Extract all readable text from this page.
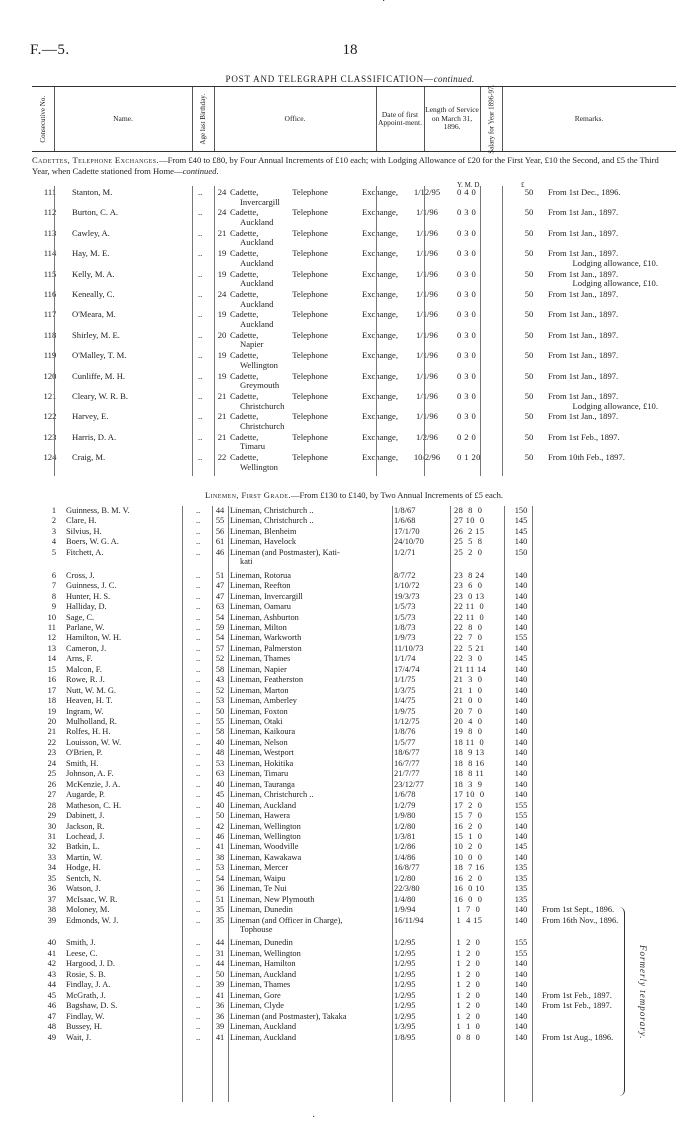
F.—5.	18
POST AND TELEGRAPH CLASSIFICATION—continued.
Consecutive No.	Name.	Age last Birthday.	Office.	Date of first Appoint-ment.
Length of Service on March 31, 1896.	Salary for Year 1896-97.	Remarks.
Cadettes, Telephone Exchanges.—From £40 to £80, by Four Annual Increments of £10 each; with Lodging Allowance of £20 for the First Year, £10 the Second, and £5 the Third Year, when Cadette stationed from Home—continued.
Y. M. D.	£
111	Stanton, M.	.. 24 Cadette, Telephone Exchange,
Invercargill
1/12/95	0 4 0	50	From 1st Dec., 1896.
112	Burton, C. A.	.. 24 Cadette, Telephone Exchange,
Auckland
1/1/96	0 3 0	50	From 1st Jan., 1897.
113	Cawley, A.	.. 21 Cadette, Telephone Exchange,
Auckland
1/1/96	0 3 0	50	From 1st Jan., 1897.
114	Hay, M. E.	.. 19 Cadette, Telephone Exchange,
Auckland
1/1/96	0 3 0	50	From 1st Jan., 1897.
Lodging allowance, £10.
115	Kelly, M. A.	.. 19 Cadette, Telephone Exchange,
Auckland
1/1/96	0 3 0	50	From 1st Jan., 1897.
Lodging allowance, £10.
116	Keneally, C.	.. 24 Cadette, Telephone Exchange,
Auckland
1/1/96	0 3 0	50	From 1st Jan., 1897.
117	O'Meara, M.	.. 19 Cadette, Telephone Exchange,
Auckland
1/1/96	0 3 0	50	From 1st Jan., 1897.
118	Shirley, M. E.	.. 20 Cadette, Telephone Exchange,
Napier
1/1/96	0 3 0	50	From 1st Jan., 1897.
119	O'Malley, T. M.	.. 19 Cadette, Telephone Exchange,
Wellington
1/1/96	0 3 0	50	From 1st Jan., 1897.
120	Cunliffe, M. H.	.. 19 Cadette, Telephone Exchange,
Greymouth
1/1/96	0 3 0	50	From 1st Jan., 1897.
121	Cleary, W. R. B.	.. 21 Cadette, Telephone Exchange,
Christchurch
1/1/96	0 3 0	50	From 1st Jan., 1897.
Lodging allowance, £10.
122	Harvey, E.	.. 21 Cadette, Telephone Exchange,
Christchurch
1/1/96	0 3 0	50	From 1st Jan., 1897.
123	Harris, D. A.	.. 21 Cadette, Telephone Exchange,
Timaru
1/2/96	0 2 0	50	From 1st Feb., 1897.
124	Craig, M.	.. 22 Cadette, Telephone Exchange,
Wellington
10/2/96	0 1 20	50	From 10th Feb., 1897.
Linemen, First Grade.—From £130 to £140, by Two Annual Increments of £5 each.
1 Guinness, B. M. V.	.. 44 Lineman, Christchurch ..	1/8/67	28  8  0	150
2 Clare, H.	.. 55 Lineman, Christchurch ..	1/6/68	27 10  0	145
3 Silvius, H.	.. 56 Lineman, Blenheim	17/1/70	26  2 15	145
4 Boers, W. G. A.	.. 61 Lineman, Havelock	24/10/70	25  5  8	140
5 Fitchett, A.	.. 46 Lineman (and Postmaster), Kati-
kati
1/2/71	25  2  0	150
6 Cross, J.	.. 51 Lineman, Rotorua	8/7/72	23  8 24	140
7 Guinness, J. C.	.. 47 Lineman, Reefton	1/10/72	23  6  0	140
8 Hunter, H. S.	.. 47 Lineman, Invercargill	19/3/73	23  0 13	140
9 Halliday, D.	.. 63 Lineman, Oamaru	1/5/73	22 11  0	140
10 Sage, C.	.. 54 Lineman, Ashburton	1/5/73	22 11  0	140
11 Parlane, W.	.. 59 Lineman, Milton	1/8/73	22  8  0	140
12 Hamilton, W. H.	.. 54 Lineman, Warkworth	1/9/73	22  7  0	155
13 Cameron, J.	.. 57 Lineman, Palmerston	11/10/73	22  5 21	140
14 Arns, F.	.. 52 Lineman, Thames	1/1/74	22  3  0	145
15 Malcon, F.	.. 58 Lineman, Napier	17/4/74	21 11 14	140
16 Rowe, R. J.	.. 43 Lineman, Featherston	1/1/75	21  3  0	140
17 Nutt, W. M. G.	.. 52 Lineman, Marton	1/3/75	21  1  0	140
18 Heaven, H. T.	.. 53 Lineman, Amberley	1/4/75	21  0  0	140
19 Ingram, W.	.. 50 Lineman, Foxton	1/9/75	20  7  0	140
20 Mulholland, R.	.. 55 Lineman, Otaki	1/12/75	20  4  0	140
21 Rolfes, H. H.	.. 58 Lineman, Kaikoura	1/8/76	19  8  0	140
22 Louisson, W. W.	.. 40 Lineman, Nelson	1/5/77	18 11  0	140
23 O'Brien, P.	.. 48 Lineman, Westport	18/6/77	18  9 13	140
24 Smith, H.	.. 53 Lineman, Hokitika	16/7/77	18  8 16	140
25 Johnson, A. F.	.. 63 Lineman, Timaru	21/7/77	18  8 11	140
26 McKenzie, J. A.	.. 40 Lineman, Tauranga	23/12/77	18  3  9	140
27 Augarde, P.	.. 45 Lineman, Christchurch ..	1/6/78	17 10  0	140
28 Matheson, C. H.	.. 40 Lineman, Auckland	1/2/79	17  2  0	155
29 Dabinett, J.	.. 50 Lineman, Hawera	1/9/80	15  7  0	155
30 Jackson, R.	.. 42 Lineman, Wellington	1/2/80	16  2  0	140
31 Lochead, J.	.. 46 Lineman, Wellington	1/3/81	15  1  0	140
32 Batkin, L.	.. 41 Lineman, Woodville	1/2/86	10  2  0	145
33 Martin, W.	.. 38 Lineman, Kawakawa	1/4/86	10  0  0	140
34 Hodge, H.	.. 53 Lineman, Mercer	16/8/77	18  7 16	135
35 Sentch, N.	.. 54 Lineman, Waipu	1/2/80	16  2  0	135
36 Watson, J.	.. 36 Lineman, Te Nui	22/3/80	16  0 10	135
37 McIsaac, W. R.	.. 51 Lineman, New Plymouth	1/4/80	16  0  0	135
38 Moloney, M.	.. 35 Lineman, Dunedin	1/9/94	1  7  0	140	From 1st Sept., 1896.
39 Edmonds, W. J.	.. 35 Lineman (and Officer in Charge),
Tophouse
16/11/94	1  4 15	140	From 16th Nov., 1896.
40 Smith, J.	.. 44 Lineman, Dunedin	1/2/95	1  2  0	155
41 Leese, C.	.. 31 Lineman, Wellington	1/2/95	1  2  0	155
42 Hargood, J. D.	.. 44 Lineman, Hamilton	1/2/95	1  2  0	140
43 Rosie, S. B.	.. 50 Lineman, Auckland	1/2/95	1  2  0	140
44 Findlay, J. A.	.. 39 Lineman, Thames	1/2/95	1  2  0	140
45 McGrath, J.	.. 41 Lineman, Gore	1/2/95	1  2  0	140	From 1st Feb., 1897.
46 Bagshaw, D. S.	.. 36 Lineman, Clyde	1/2/95	1  2  0	140	From 1st Feb., 1897.
47 Findlay, W.	.. 36 Lineman (and Postmaster), Takaka	1/2/95	1  2  0	140
48 Bussey, H.	.. 39 Lineman, Auckland	1/3/95	1  1  0	140
49 Wait, J.	.. 41 Lineman, Auckland	1/8/95	0  8  0	140	From 1st Aug., 1896.	Formerly temporary.
·
·
